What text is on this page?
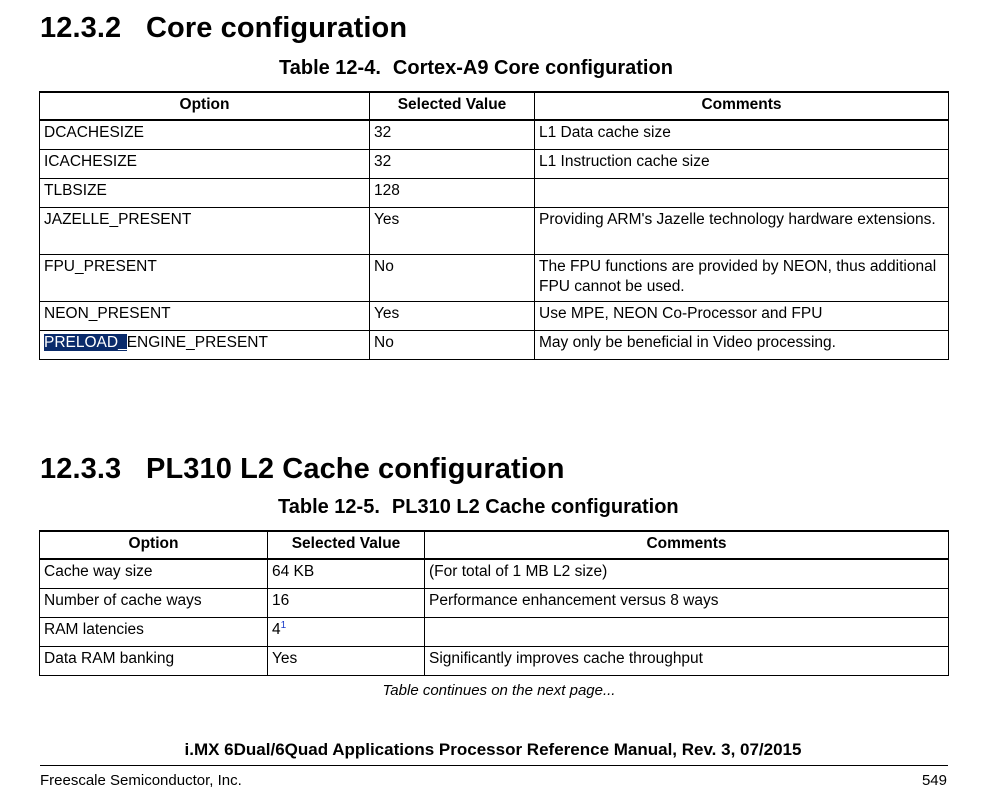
12.3.2 Core configuration

Table 12-4. Cortex-A9 Core configuration

Option	Selected Value	Comments
DCACHESIZE	32	L1 Data cache size
ICACHESIZE	32	L1 Instruction cache size
TLBSIZE	128	
JAZELLE_PRESENT	Yes	Providing ARM's Jazelle technology hardware extensions.
FPU_PRESENT	No	The FPU functions are provided by NEON, thus additional FPU cannot be used.
NEON_PRESENT	Yes	Use MPE, NEON Co-Processor and FPU
PRELOAD_ENGINE_PRESENT	No	May only be beneficial in Video processing.
12.3.3 PL310 L2 Cache configuration

Table 12-5. PL310 L2 Cache configuration

Option	Selected Value	Comments
Cache way size	64 KB	(For total of 1 MB L2 size)
Number of cache ways	16	Performance enhancement versus 8 ways
RAM latencies	4$^1$	
Data RAM banking	Yes	Significantly improves cache throughput

Table continues on the next page...

i.MX 6Dual/6Quad Applications Processor Reference Manual, Rev. 3, 07/2015

Freescale Semiconductor, Inc.	549
